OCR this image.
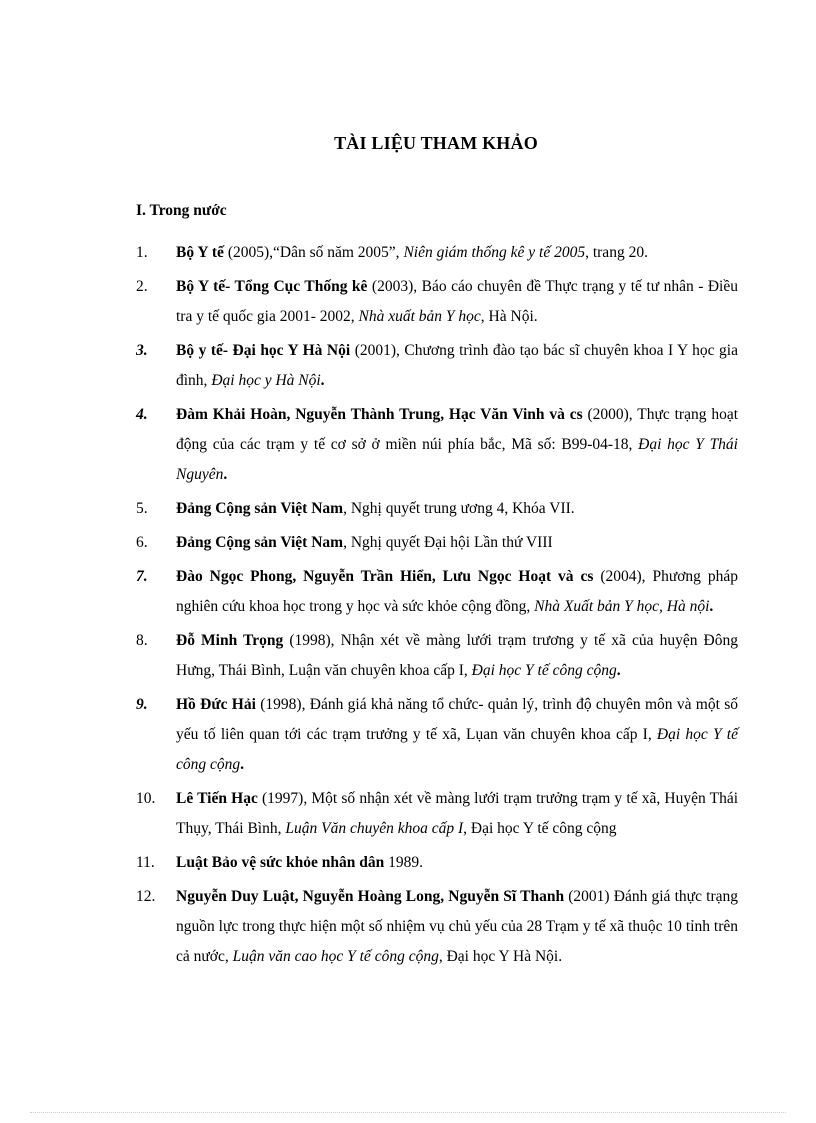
TÀI LIỆU THAM KHẢO
I. Trong nước
1.	Bộ Y tế (2005),“Dân số năm 2005”, Niên giám thống kê y tế 2005, trang 20.
2.	Bộ Y tế- Tổng Cục Thống kê (2003), Báo cáo chuyên đề Thực trạng y tế tư nhân - Điều tra y tế quốc gia 2001- 2002, Nhà xuất bản Y học, Hà Nội.
3.	Bộ y tế- Đại học Y Hà Nội (2001), Chương trình đào tạo bác sĩ chuyên khoa I Y học gia đình, Đại học y Hà Nội.
4.	Đàm Khải Hoàn, Nguyễn Thành Trung, Hạc Văn Vinh và cs (2000), Thực trạng hoạt động của các trạm y tế cơ sở ở miền núi phía bắc, Mã số: B99-04-18, Đại học Y Thái Nguyên.
5.	Đảng Cộng sản Việt Nam, Nghị quyết trung ương 4, Khóa VII.
6.	Đảng Cộng sản Việt Nam, Nghị quyết Đại hội Lần thứ VIII
7.	Đào Ngọc Phong, Nguyễn Trần Hiển, Lưu Ngọc Hoạt và cs (2004), Phương pháp nghiên cứu khoa học trong y học và sức khỏe cộng đồng, Nhà Xuất bản Y học, Hà nội.
8.	Đỗ Minh Trọng (1998), Nhận xét về màng lưới trạm trương y tế xã của huyện Đông Hưng, Thái Bình, Luận văn chuyên khoa cấp I, Đại học Y tế công cộng.
9.	Hồ Đức Hải (1998), Đánh giá khả năng tổ chức- quản lý, trình độ chuyên môn và một số yếu tố liên quan tới các trạm trưởng y tế xã, Lụan văn chuyên khoa cấp I, Đại học Y tế công cộng.
10.	Lê Tiến Hạc (1997), Một số nhận xét về màng lưới trạm trưởng trạm y tế xã, Huyện Thái Thụy, Thái Bình, Luận Văn chuyên khoa cấp I, Đại học Y tế công cộng
11.	Luật Bảo vệ sức khỏe nhân dân 1989.
12.	Nguyễn Duy Luật, Nguyễn Hoàng Long, Nguyễn Sĩ Thanh (2001) Đánh giá thực trạng nguồn lực trong thực hiện một số nhiệm vụ chủ yếu của 28 Trạm y tế xã thuộc 10 tỉnh trên cả nước, Luận văn cao học Y tế công cộng, Đại học Y Hà Nội.
